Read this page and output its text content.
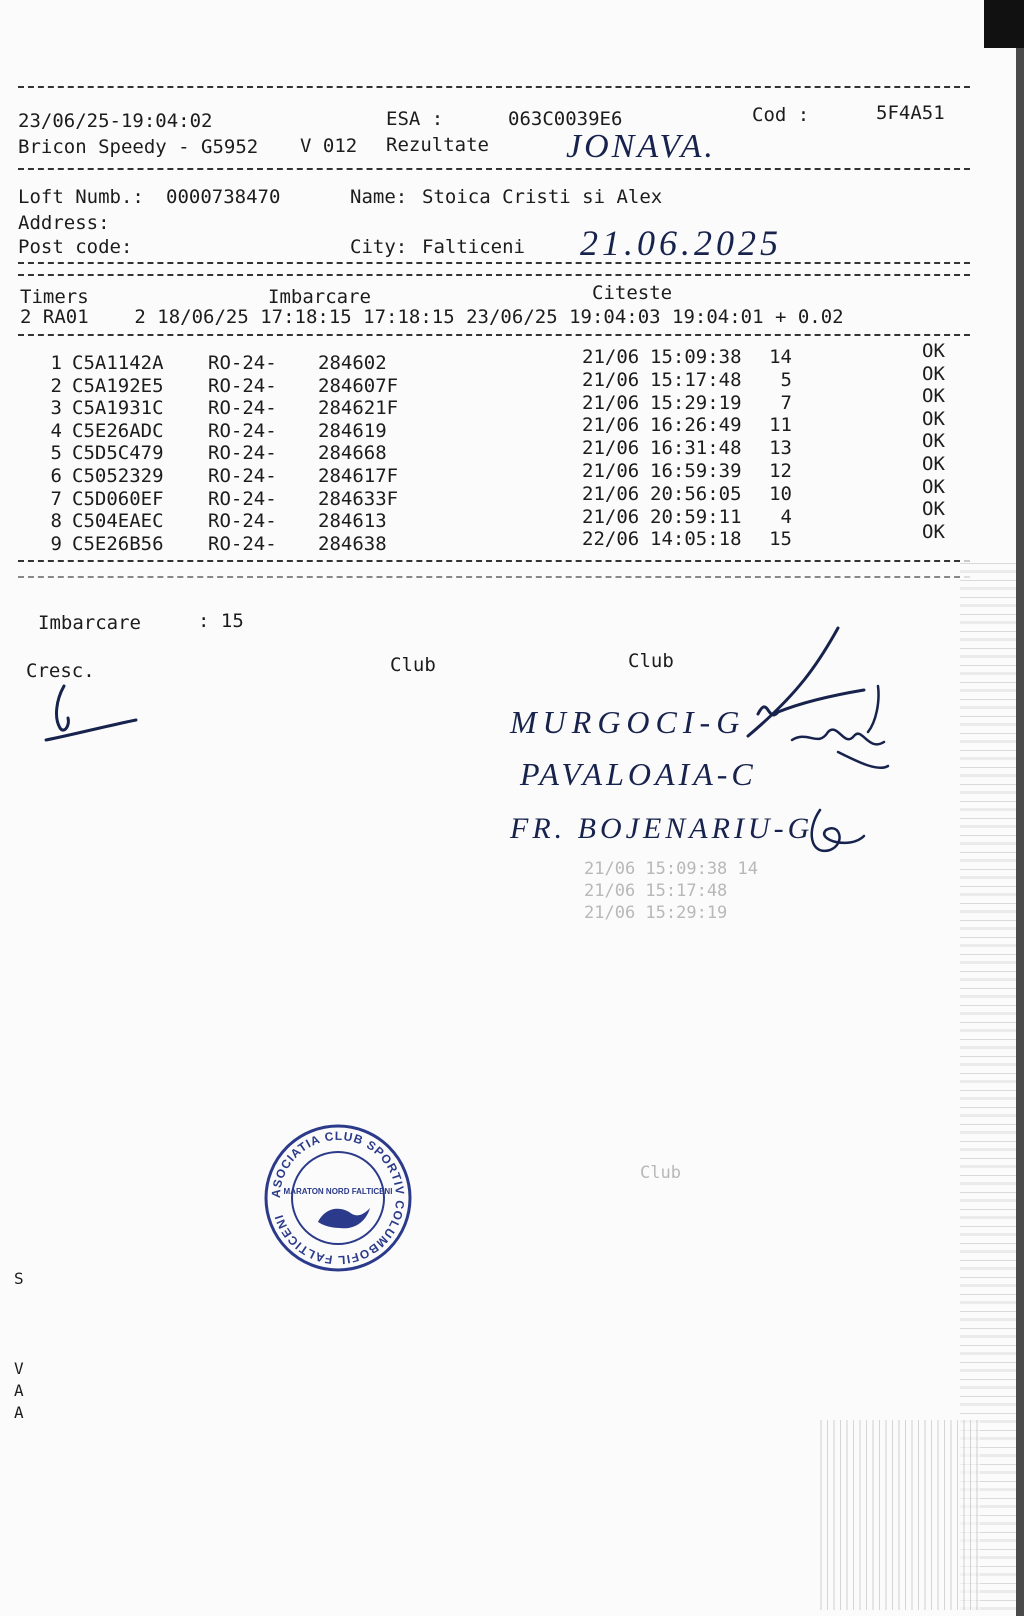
23/06/25-19:04:02	ESA :	063C0039E6	Cod :	5F4A51
Bricon Speedy - G5952 V 012 Rezultate JONAVA.
Loft Numb.: 0000738470	Name: Stoica Cristi si Alex
Address:
Post code:	City: Falticeni 21.06.2025
Timers	Imbarcare	Citeste
2 RA01    2 18/06/25 17:18:15 17:18:15 23/06/25 19:04:03 19:04:01 + 0.02
1 C5A1142A RO-24- 284602	21/06 15:09:38 14	OK
2 C5A192E5 RO-24- 284607F	21/06 15:17:48	5	OK
3 C5A1931C RO-24- 284621F	21/06 15:29:19	7	OK
4 C5E26ADC RO-24- 284619	21/06 16:26:49 11	OK
5 C5D5C479 RO-24- 284668	21/06 16:31:48 13	OK
6 C5052329 RO-24- 284617F	21/06 16:59:39 12	OK
7 C5D060EF RO-24- 284633F	21/06 20:56:05 10	OK
8 C504EAEC RO-24- 284613	21/06 20:59:11	4	OK
9 C5E26B56 RO-24- 284638	22/06 14:05:18 15	OK
Imbarcare	: 15
Cresc.	Club	Club
MURGOCI-G
PAVALOAIA-C
FR. BOJENARIU-G
21/06 15:09:38 14
21/06 15:17:48
21/06 15:29:19
Club
ASOCIATIA CLUB SPORTIV COLUMBOFIL FALTICENI
MARATON NORD FALTICENI
S
V
A
A
